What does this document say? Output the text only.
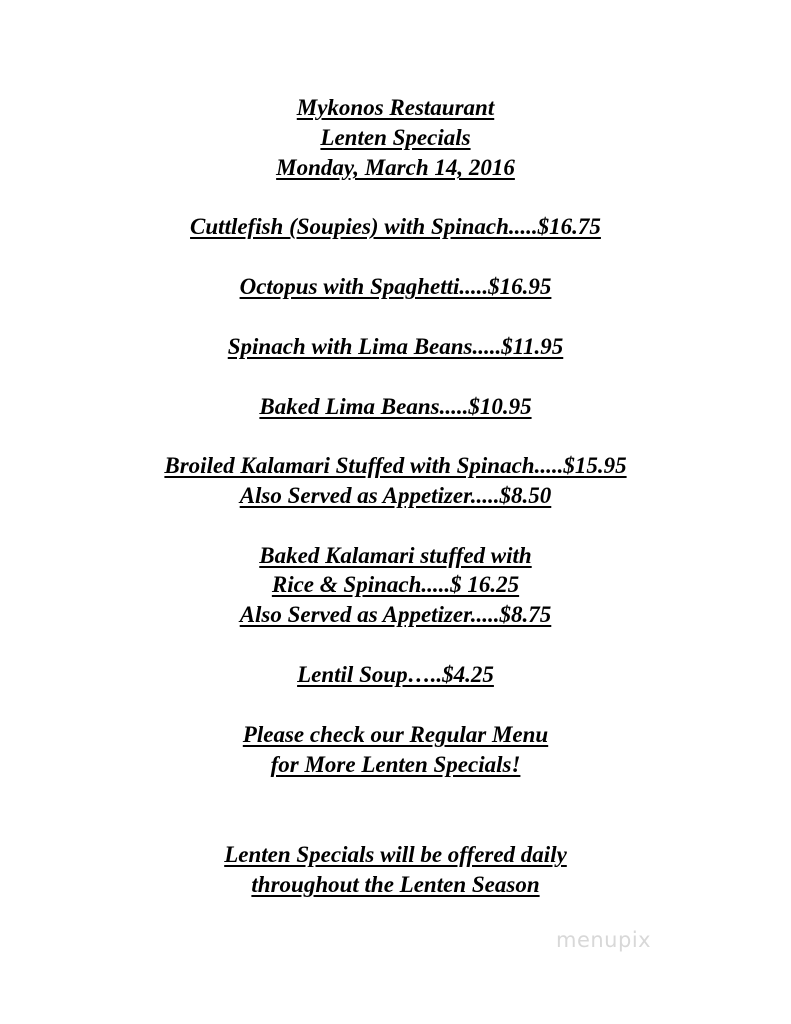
Mykonos Restaurant
Lenten Specials
Monday, March 14, 2016
Cuttlefish (Soupies) with Spinach.....$16.75
Octopus with Spaghetti.....$16.95
Spinach with Lima Beans.....$11.95
Baked Lima Beans.....$10.95
Broiled Kalamari Stuffed with Spinach.....$15.95
Also Served as Appetizer.....$8.50
Baked Kalamari stuffed with
Rice & Spinach.....$ 16.25
Also Served as Appetizer.....$8.75
Lentil Soup…..$4.25
Please check our Regular Menu
for More Lenten Specials!
Lenten Specials will be offered daily
throughout the Lenten Season
menupix
